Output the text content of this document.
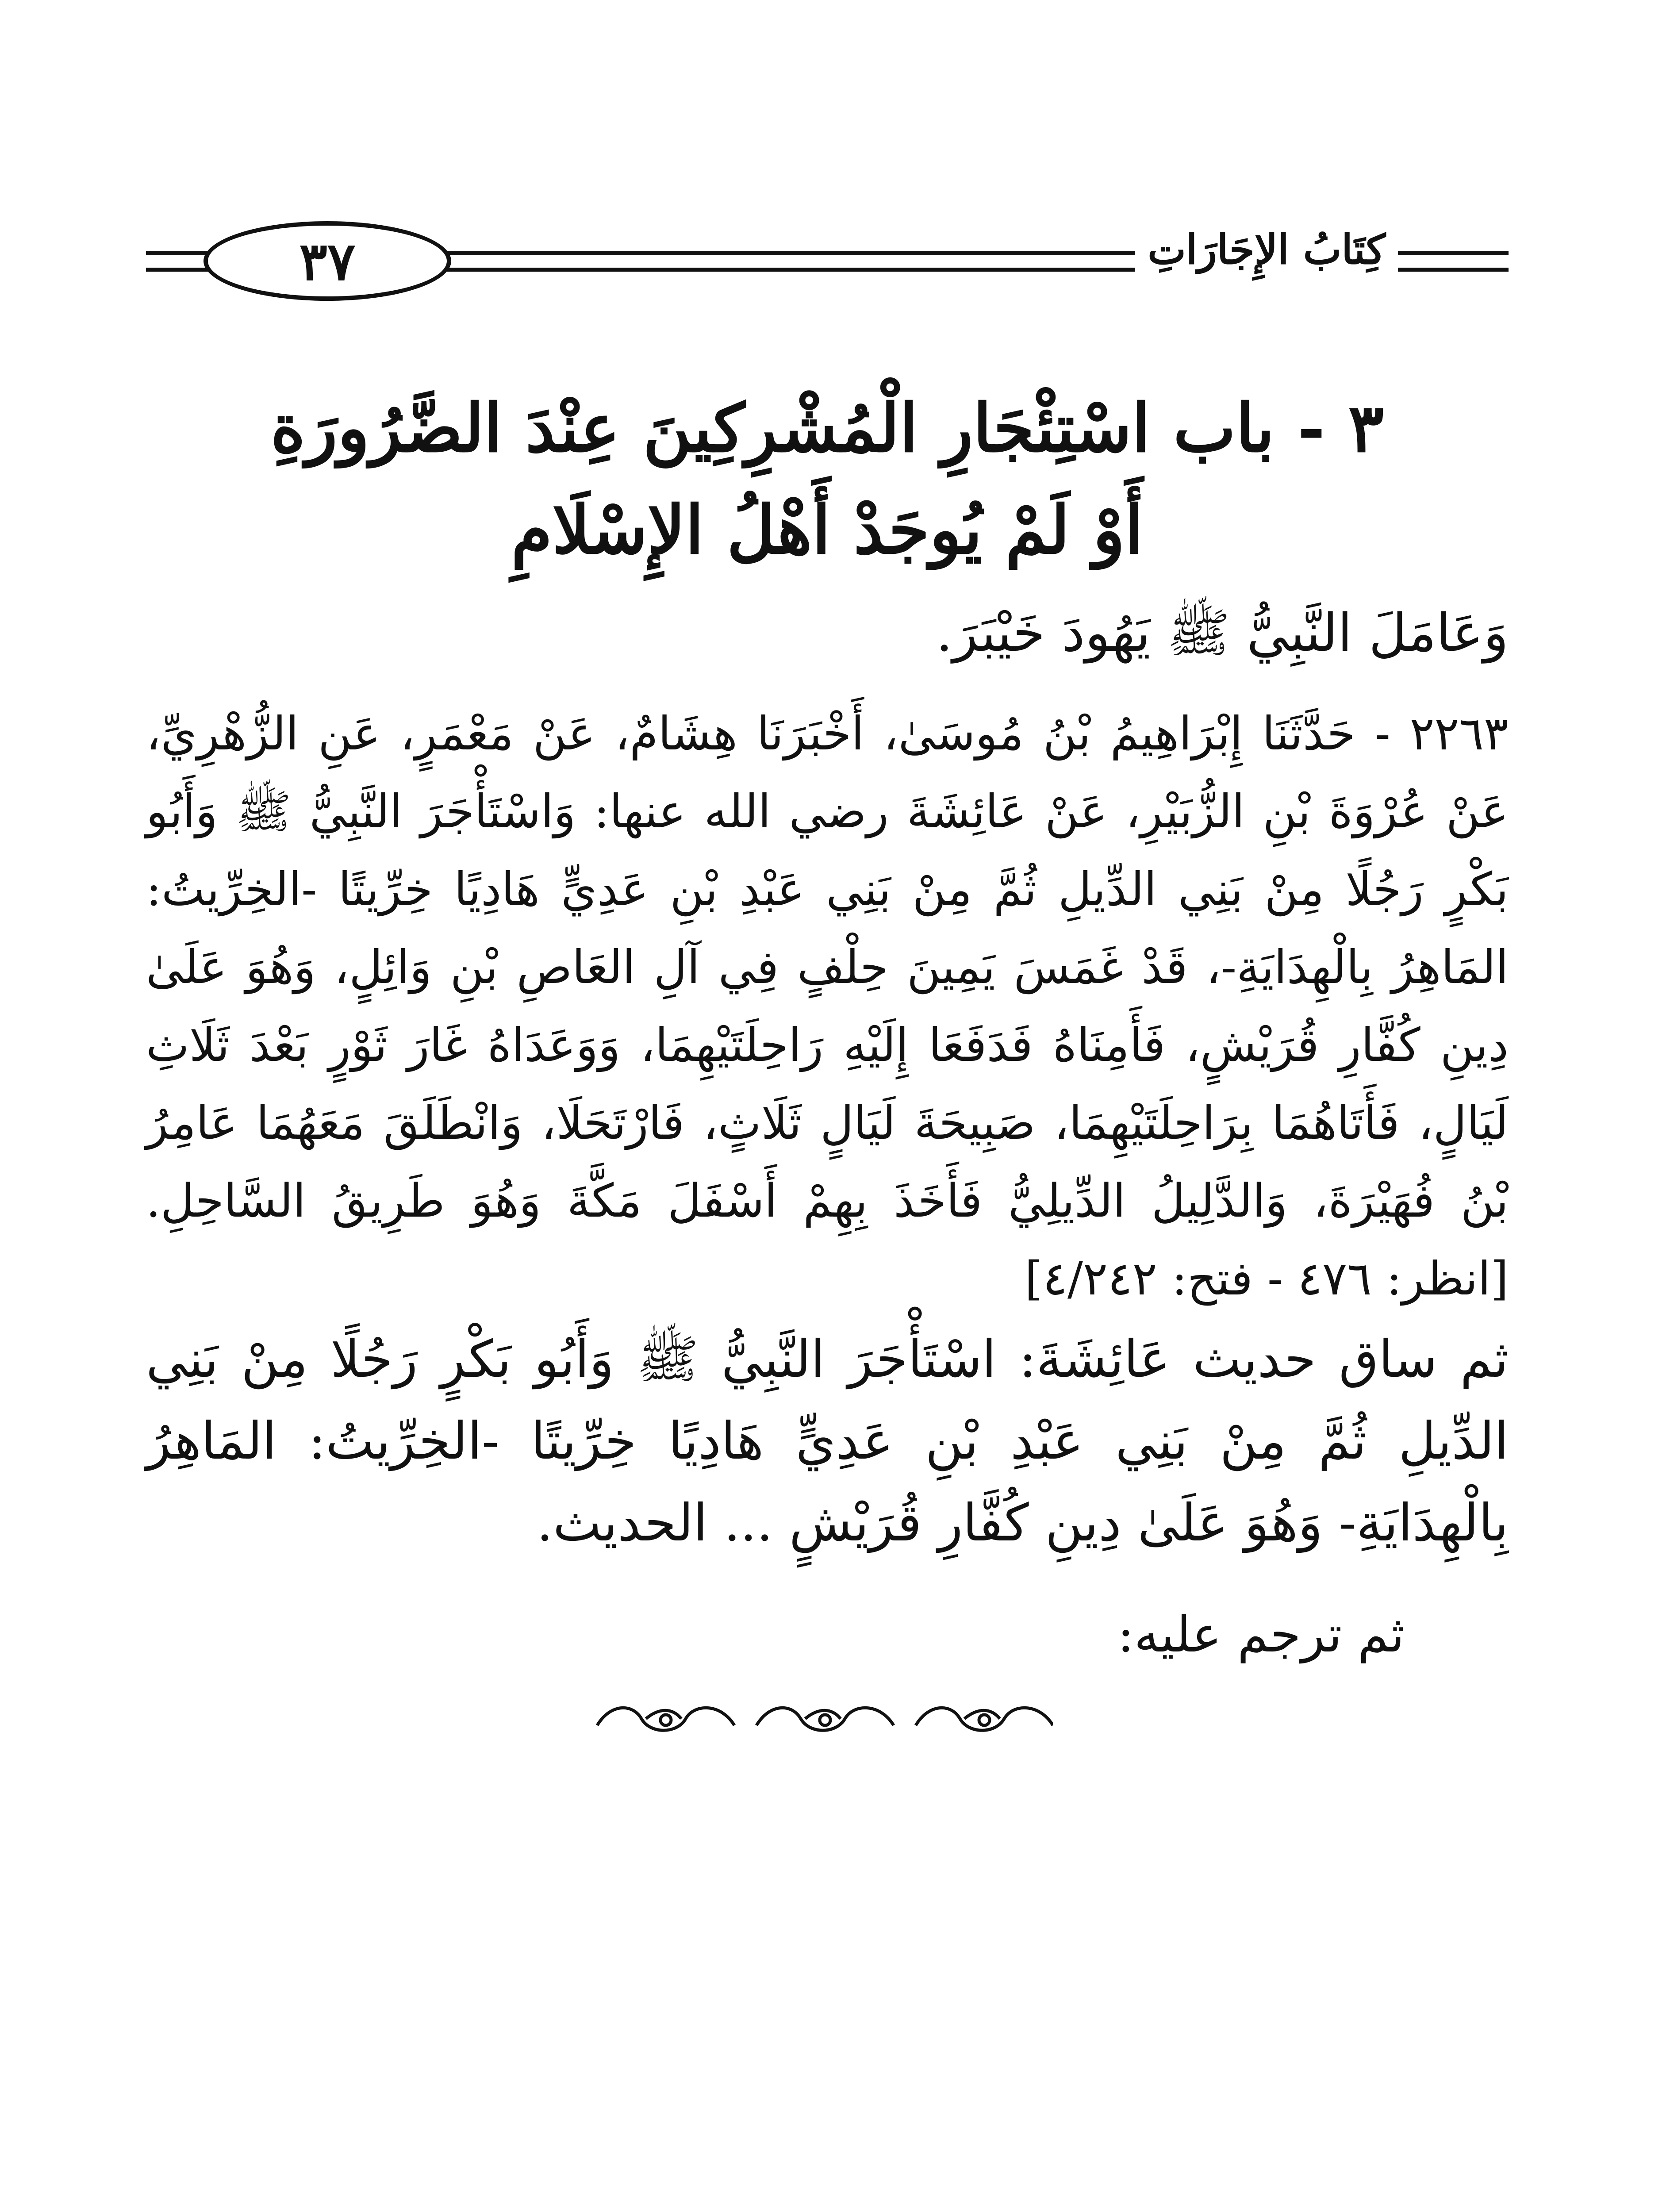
٣٧	كِتَابُ الإِجَارَاتِ
٣ - باب اسْتِئْجَارِ الْمُشْرِكِينَ عِنْدَ الضَّرُورَةِ
أَوْ لَمْ يُوجَدْ أَهْلُ الإِسْلَامِ
وَعَامَلَ النَّبِيُّ ﷺ يَهُودَ خَيْبَرَ.
٢٢٦٣ - حَدَّثَنَا إِبْرَاهِيمُ بْنُ مُوسَىٰ، أَخْبَرَنَا هِشَامٌ، عَنْ مَعْمَرٍ، عَنِ الزُّهْرِيِّ، عَنْ عُرْوَةَ بْنِ الزُّبَيْرِ، عَنْ عَائِشَةَ رضي الله عنها: وَاسْتَأْجَرَ النَّبِيُّ ﷺ وَأَبُو بَكْرٍ رَجُلًا مِنْ بَنِي الدِّيلِ ثُمَّ مِنْ بَنِي عَبْدِ بْنِ عَدِيٍّ هَادِيًا خِرِّيتًا -الخِرِّيتُ: المَاهِرُ بِالْهِدَايَةِ-، قَدْ غَمَسَ يَمِينَ حِلْفٍ فِي آلِ العَاصِ بْنِ وَائِلٍ، وَهُوَ عَلَىٰ دِينِ كُفَّارِ قُرَيْشٍ، فَأَمِنَاهُ فَدَفَعَا إِلَيْهِ رَاحِلَتَيْهِمَا، وَوَعَدَاهُ غَارَ ثَوْرٍ بَعْدَ ثَلَاثِ لَيَالٍ، فَأَتَاهُمَا بِرَاحِلَتَيْهِمَا، صَبِيحَةَ لَيَالٍ ثَلَاثٍ، فَارْتَحَلَا، وَانْطَلَقَ مَعَهُمَا عَامِرُ بْنُ فُهَيْرَةَ، وَالدَّلِيلُ الدِّيلِيُّ فَأَخَذَ بِهِمْ أَسْفَلَ مَكَّةَ وَهُوَ طَرِيقُ السَّاحِلِ. [انظر: ٤٧٦ - فتح: ٤/٢٤٢]
ثم ساق حديث عَائِشَةَ: اسْتَأْجَرَ النَّبِيُّ ﷺ وَأَبُو بَكْرٍ رَجُلًا مِنْ بَنِي الدِّيلِ ثُمَّ مِنْ بَنِي عَبْدِ بْنِ عَدِيٍّ هَادِيًا خِرِّيتًا -الخِرِّيتُ: المَاهِرُ بِالْهِدَايَةِ- وَهُوَ عَلَىٰ دِينِ كُفَّارِ قُرَيْشٍ ... الحديث.
ثم ترجم عليه:
